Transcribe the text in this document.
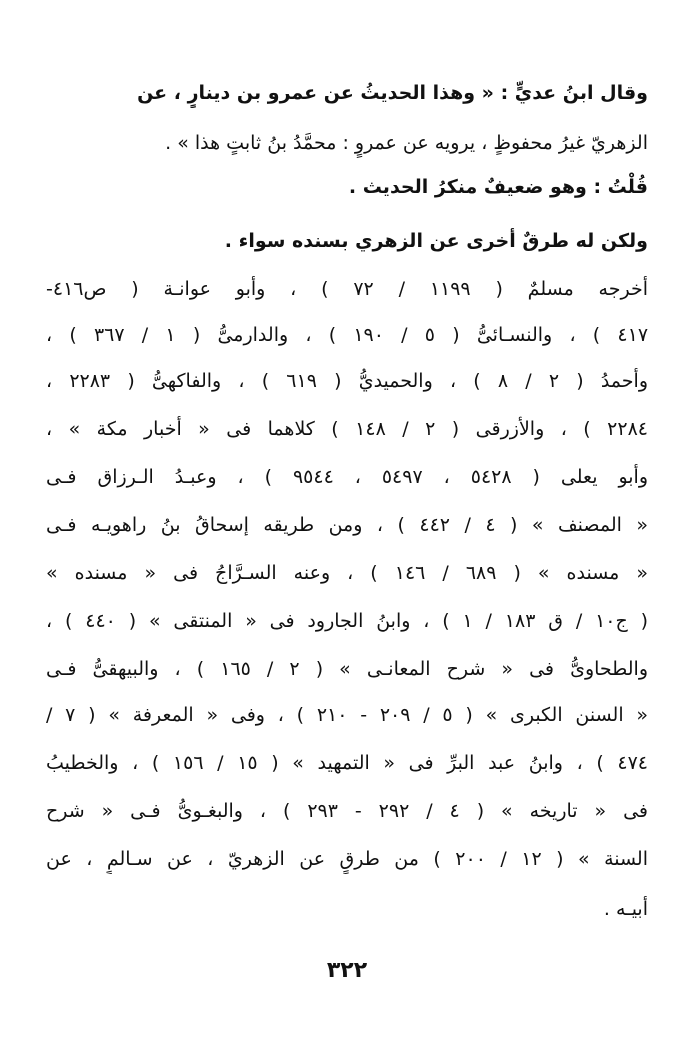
وقال ابنُ عديٍّ : « وهذا الحديثُ عن عمرو بن دينارٍ ، عن
الزهريّ غيرُ محفوظٍ ، يرويه عن عمروٍ : محمَّدُ بنُ ثابتٍ هذا » .
قُلْتُ : وهو ضعيفٌ منكرُ الحديث .
ولكن له طرقٌ أخرى عن الزهري بسنده سواء .
أخرجه مسلمٌ ( ١١٩٩ / ٧٢ ) ، وأبو عوانـة ( ص٤١٦-
٤١٧ ) ، والنسـائىُّ ( ٥ / ١٩٠ ) ، والدارمىُّ ( ١ / ٣٦٧ ) ،
وأحمدُ ( ٢ / ٨ ) ، والحميديُّ ( ٦١٩ ) ، والفاكهىُّ ( ٢٢٨٣ ،
٢٢٨٤ ) ، والأزرقى ( ٢ / ١٤٨ ) كلاهما فى « أخبار مكة » ،
وأبو يعلى ( ٥٤٢٨ ، ٥٤٩٧ ، ٩٥٤٤ ) ، وعبـدُ الـرزاق فـى
« المصنف » ( ٤ / ٤٤٢ ) ، ومن طريقه إسحاقُ بنُ راهويـه فـى
« مسنده » ( ٦٨٩ / ١٤٦ ) ، وعنه السـرَّاجُ فى « مسنده »
( ج١٠ / ق ١٨٣ / ١ ) ، وابنُ الجارود فى « المنتقى » ( ٤٤٠ ) ،
والطحاوىُّ فى « شرح المعانـى » ( ٢ / ١٦٥ ) ، والبيهقىُّ فـى
« السنن الكبرى » ( ٥ / ٢٠٩ - ٢١٠ ) ، وفى « المعرفة » ( ٧ /
٤٧٤ ) ، وابنُ عبد البرِّ فى « التمهيد » ( ١٥ / ١٥٦ ) ، والخطيبُ
فى « تاريخه » ( ٤ / ٢٩٢ - ٢٩٣ ) ، والبغـوىُّ فـى « شرح
السنة » ( ١٢ / ٢٠٠ ) من طرقٍ عن الزهريّ ، عن سـالمٍ ، عن
أبيـه .
٣٢٢
